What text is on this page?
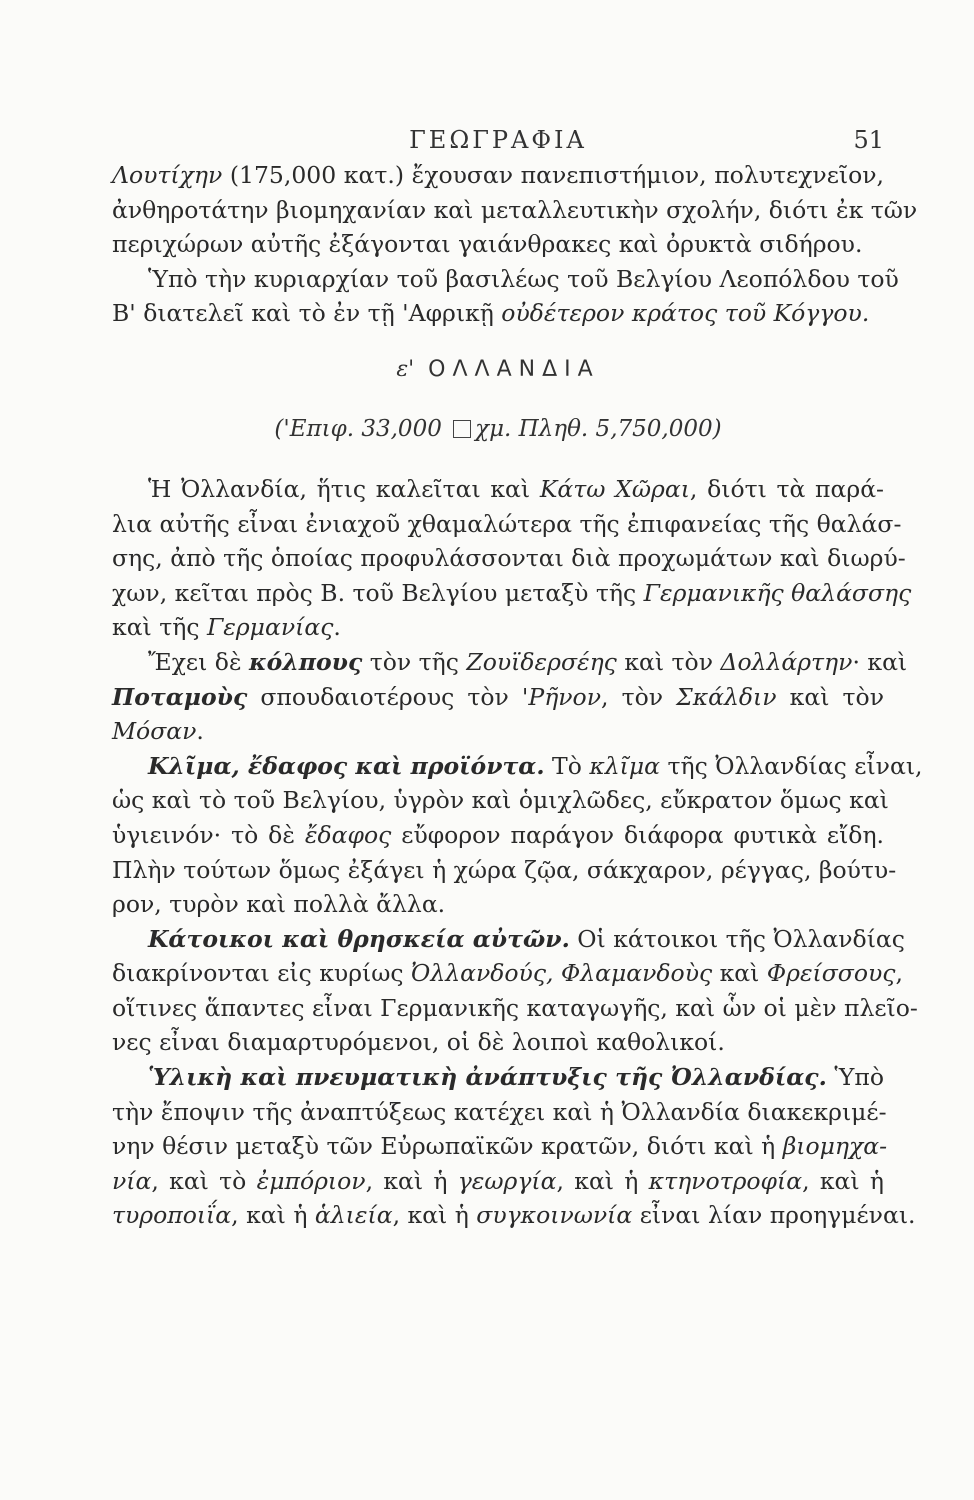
ΓΕΩΓΡΑΦΙΑ	51
Λουτίχην (175,000 κατ.) ἔχουσαν πανεπιστήμιον, πολυτεχνεῖον,
ἀνθηροτάτην βιομηχανίαν καὶ μεταλλευτικὴν σχολήν, διότι ἐκ τῶν
περιχώρων αὐτῆς ἐξάγονται γαιάνθρακες καὶ ὀρυκτὰ σιδήρου.
Ὑπὸ τὴν κυριαρχίαν τοῦ βασιλέως τοῦ Βελγίου Λεοπόλδου τοῦ
Β' διατελεῖ καὶ τὸ ἐν τῇ 'Αφρικῇ οὐδέτερον κράτος τοῦ Κόγγου.
ε' ΟΛΛΑΝΔΙΑ
('Επιφ. 33,000 χμ. Πληθ. 5,750,000)
Ἡ Ὀλλανδία, ἥτις καλεῖται καὶ Κάτω Χῶραι, διότι τὰ παρά-
λια αὐτῆς εἶναι ἐνιαχοῦ χθαμαλώτερα τῆς ἐπιφανείας τῆς θαλάσ-
σης, ἀπὸ τῆς ὁποίας προφυλάσσονται διὰ προχωμάτων καὶ διωρύ-
χων, κεῖται πρὸς Β. τοῦ Βελγίου μεταξὺ τῆς Γερμανικῆς θαλάσσης
καὶ τῆς Γερμανίας.
Ἔχει δὲ κόλπους τὸν τῆς Ζουϊδερσέης καὶ τὸν Δολλάρτην· καὶ
Ποταμοὺς σπουδαιοτέρους τὸν 'Ρῆνον, τὸν Σκάλδιν καὶ τὸν
Μόσαν.
Κλῖμα, ἔδαφος καὶ προϊόντα. Τὸ κλῖμα τῆς Ὀλλανδίας εἶναι,
ὡς καὶ τὸ τοῦ Βελγίου, ὑγρὸν καὶ ὁμιχλῶδες, εὔκρατον ὅμως καὶ
ὑγιεινόν· τὸ δὲ ἔδαφος εὔφορον παράγον διάφορα φυτικὰ εἴδη.
Πλὴν τούτων ὅμως ἐξάγει ἡ χώρα ζῷα, σάκχαρον, ρέγγας, βούτυ-
ρον, τυρὸν καὶ πολλὰ ἄλλα.
Κάτοικοι καὶ θρησκεία αὐτῶν. Οἱ κάτοικοι τῆς Ὀλλανδίας
διακρίνονται εἰς κυρίως Ὀλλανδούς, Φλαμανδοὺς καὶ Φρείσσους,
οἵτινες ἅπαντες εἶναι Γερμανικῆς καταγωγῆς, καὶ ὧν οἱ μὲν πλεῖο-
νες εἶναι διαμαρτυρόμενοι, οἱ δὲ λοιποὶ καθολικοί.
Ὑλικὴ καὶ πνευματικὴ ἀνάπτυξις τῆς Ὀλλανδίας. Ὑπὸ
τὴν ἔποψιν τῆς ἀναπτύξεως κατέχει καὶ ἡ Ὀλλανδία διακεκριμέ-
νην θέσιν μεταξὺ τῶν Εὐρωπαϊκῶν κρατῶν, διότι καὶ ἡ βιομηχα-
νία, καὶ τὸ ἐμπόριον, καὶ ἡ γεωργία, καὶ ἡ κτηνοτροφία, καὶ ἡ
τυροποιΐα, καὶ ἡ ἁλιεία, καὶ ἡ συγκοινωνία εἶναι λίαν προηγμέναι.
